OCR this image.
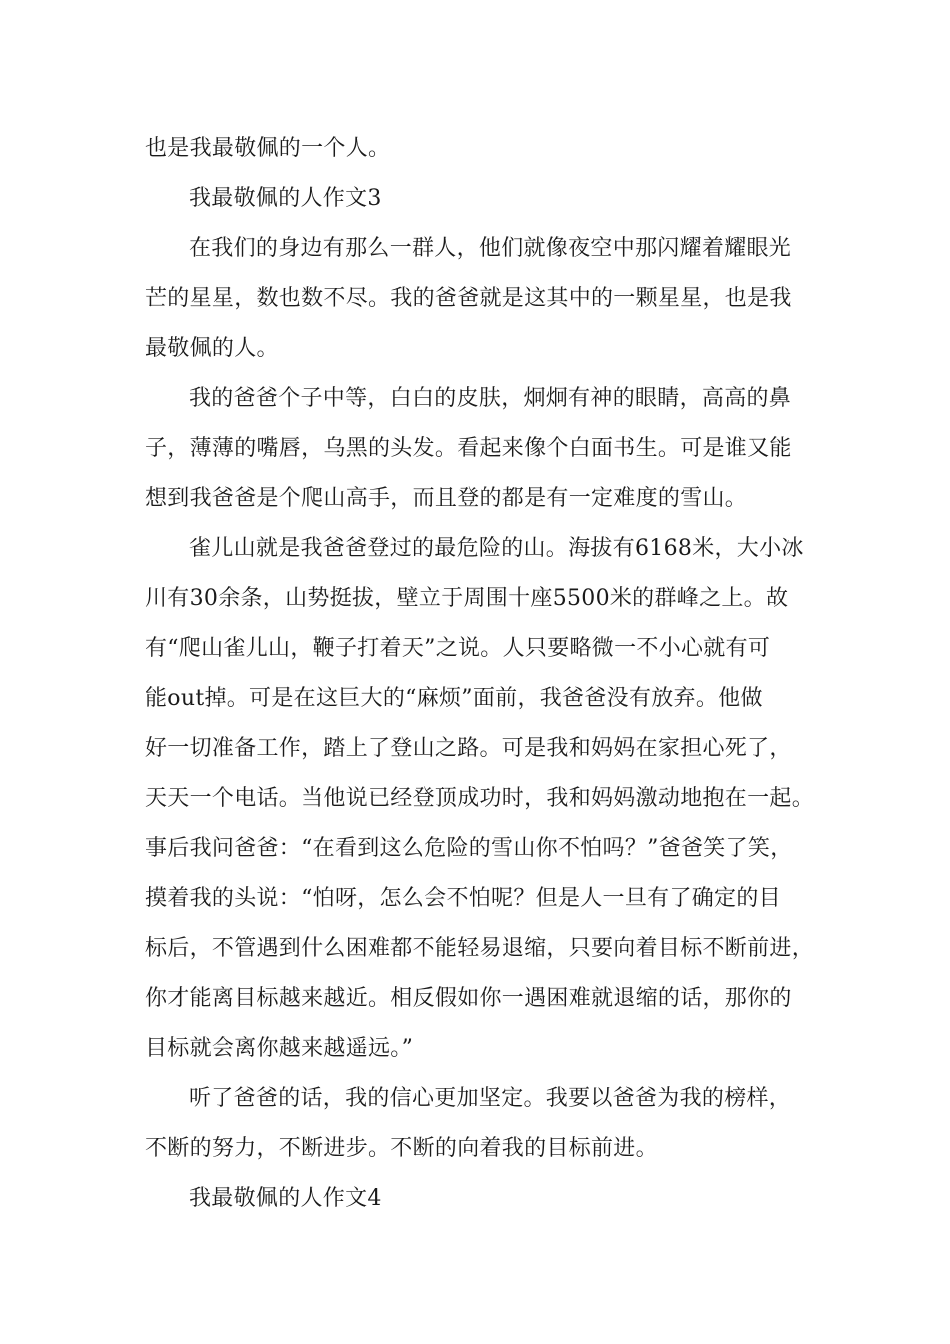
也是我最敬佩的一个人。
我最敬佩的人作文3
在我们的身边有那么一群人，他们就像夜空中那闪耀着耀眼光
芒的星星，数也数不尽。我的爸爸就是这其中的一颗星星，也是我
最敬佩的人。
我的爸爸个子中等，白白的皮肤，炯炯有神的眼睛，高高的鼻
子，薄薄的嘴唇，乌黑的头发。看起来像个白面书生。可是谁又能
想到我爸爸是个爬山高手，而且登的都是有一定难度的雪山。
雀儿山就是我爸爸登过的最危险的山。海拔有6168米，大小冰
川有30余条，山势挺拔，壁立于周围十座5500米的群峰之上。故
有“爬山雀儿山，鞭子打着天”之说。人只要略微一不小心就有可
能out掉。可是在这巨大的“麻烦”面前，我爸爸没有放弃。他做
好一切准备工作，踏上了登山之路。可是我和妈妈在家担心死了，
天天一个电话。当他说已经登顶成功时，我和妈妈激动地抱在一起。
事后我问爸爸：“在看到这么危险的雪山你不怕吗？”爸爸笑了笑，
摸着我的头说：“怕呀，怎么会不怕呢？但是人一旦有了确定的目
标后，不管遇到什么困难都不能轻易退缩，只要向着目标不断前进，
你才能离目标越来越近。相反假如你一遇困难就退缩的话，那你的
目标就会离你越来越遥远。”
听了爸爸的话，我的信心更加坚定。我要以爸爸为我的榜样，
不断的努力，不断进步。不断的向着我的目标前进。
我最敬佩的人作文4
